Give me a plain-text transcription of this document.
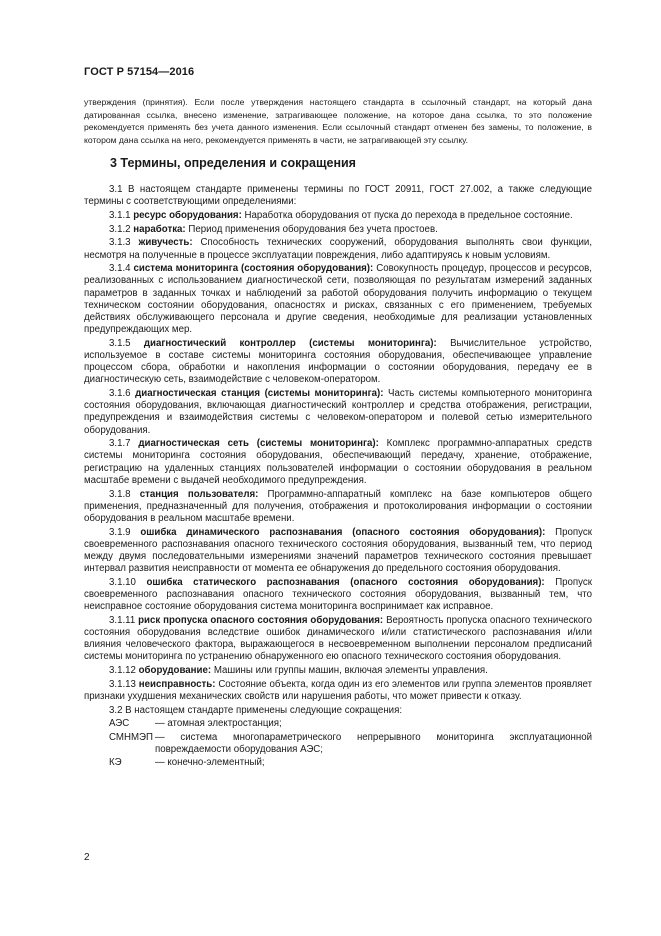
ГОСТ Р 57154—2016
утверждения (принятия). Если после утверждения настоящего стандарта в ссылочный стандарт, на который дана датированная ссылка, внесено изменение, затрагивающее положение, на которое дана ссылка, то это положение рекомендуется применять без учета данного изменения. Если ссылочный стандарт отменен без замены, то положение, в котором дана ссылка на него, рекомендуется применять в части, не затрагивающей эту ссылку.
3 Термины, определения и сокращения

3.1 В настоящем стандарте применены термины по ГОСТ 20911, ГОСТ 27.002, а также следующие термины с соответствующими определениями:

3.1.1 ресурс оборудования: Наработка оборудования от пуска до перехода в предельное состояние.

3.1.2 наработка: Период применения оборудования без учета простоев.

3.1.3 живучесть: Способность технических сооружений, оборудования выполнять свои функции, несмотря на полученные в процессе эксплуатации повреждения, либо адаптируясь к новым условиям.

3.1.4 система мониторинга (состояния оборудования): Совокупность процедур, процессов и ресурсов, реализованных с использованием диагностической сети, позволяющая по результатам измерений заданных параметров в заданных точках и наблюдений за работой оборудования получить информацию о текущем техническом состоянии оборудования, опасностях и рисках, связанных с его применением, требуемых действиях обслуживающего персонала и другие сведения, необходимые для реализации установленных предупреждающих мер.

3.1.5 диагностический контроллер (системы мониторинга): Вычислительное устройство, используемое в составе системы мониторинга состояния оборудования, обеспечивающее управление процессом сбора, обработки и накопления информации о состоянии оборудования, передачу ее в диагностическую сеть, взаимодействие с человеком-оператором.

3.1.6 диагностическая станция (системы мониторинга): Часть системы компьютерного мониторинга состояния оборудования, включающая диагностический контроллер и средства отображения, регистрации, предупреждения и взаимодействия системы с человеком-оператором и полевой сетью измерительного оборудования.

3.1.7 диагностическая сеть (системы мониторинга): Комплекс программно-аппаратных средств системы мониторинга состояния оборудования, обеспечивающий передачу, хранение, отображение, регистрацию на удаленных станциях пользователей информации о состоянии оборудования в реальном масштабе времени с выдачей необходимого предупреждения.

3.1.8 станция пользователя: Программно-аппаратный комплекс на базе компьютеров общего применения, предназначенный для получения, отображения и протоколирования информации о состоянии оборудования в реальном масштабе времени.

3.1.9 ошибка динамического распознавания (опасного состояния оборудования): Пропуск своевременного распознавания опасного технического состояния оборудования, вызванный тем, что период между двумя последовательными измерениями значений параметров технического состояния превышает интервал развития неисправности от момента ее обнаружения до предельного состояния оборудования.

3.1.10 ошибка статического распознавания (опасного состояния оборудования): Пропуск своевременного распознавания опасного технического состояния оборудования, вызванный тем, что неисправное состояние оборудования система мониторинга воспринимает как исправное.

3.1.11 риск пропуска опасного состояния оборудования: Вероятность пропуска опасного технического состояния оборудования вследствие ошибок динамического и/или статистического распознавания и/или влияния человеческого фактора, выражающегося в несвоевременном выполнении персоналом предписаний системы мониторинга по устранению обнаруженного ею опасного технического состояния оборудования.

3.1.12 оборудование: Машины или группы машин, включая элементы управления.

3.1.13 неисправность: Состояние объекта, когда один из его элементов или группа элементов проявляет признаки ухудшения механических свойств или нарушения работы, что может привести к отказу.

3.2 В настоящем стандарте применены следующие сокращения:

АЭС	— атомная электростанция;
СМНМЭП — система многопараметрического непрерывного мониторинга эксплуатационной повреждаемости оборудования АЭС;
КЭ	— конечно-элементный;
2
